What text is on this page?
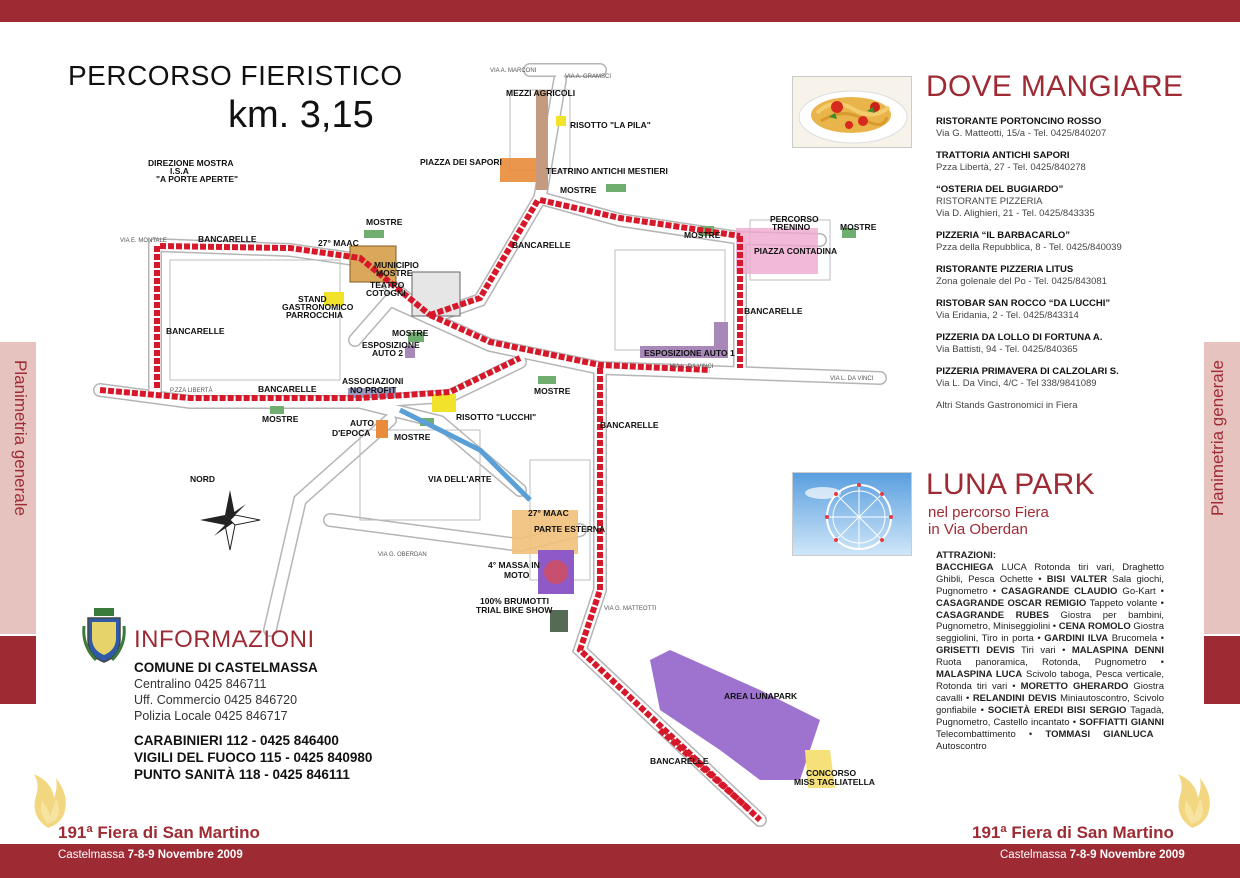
Planimetria generale	Planimetria generale
PERCORSO FIERISTICO
km. 3,15
NORD
MEZZI AGRICOLI
RISOTTO "LA PILA"
PIAZZA DEI SAPORI
TEATRINO ANTICHI MESTIERI
DIREZIONE MOSTRA
I.S.A
"A PORTE APERTE"
BANCARELLE
BANCARELLE
BANCARELLE
BANCARELLE
BANCARELLE
BANCARELLE
BANCARELLE
MOSTRE
MOSTRE
MOSTRE
MOSTRE
MOSTRE
MOSTRE
MOSTRE
MOSTRE
27° MAAC
MUNICIPIO
MOSTRE
STAND
GASTRONOMICO
PARROCCHIA
TEATRO
COTOGNI
ESPOSIZIONE
AUTO 2	ESPOSIZIONE AUTO 1
ASSOCIAZIONI
NO PROFIT
AUTO
D'EPOCA
RISOTTO "LUCCHI"
VIA DELL'ARTE
PIAZZA CONTADINA
PERCORSO
TRENINO
27° MAAC
PARTE ESTERNA
4° MASSA IN
MOTO
100% BRUMOTTI
TRIAL BIKE SHOW
AREA LUNAPARK
CONCORSO
MISS TAGLIATELLA
VIA A. MARCONI
VIA A. GRAMSCI
VIA E. MONTALE
P.ZZA LIBERTÀ
VIA L. DA VINCI
VIA L. DA VINCI
VIA G. OBERDAN
VIA G. MATTEOTTI
INFORMAZIONI
COMUNE DI CASTELMASSA
Centralino 0425 846711
Uff. Commercio 0425 846720
Polizia Locale 0425 846717
CARABINIERI 112 - 0425 846400
VIGILI DEL FUOCO 115 - 0425 840980
PUNTO SANITÀ 118 - 0425 846111
191ª Fiera di San Martino	191ª Fiera di San Martino
Castelmassa 7-8-9 Novembre 2009	Castelmassa 7-8-9 Novembre 2009
DOVE MANGIARE
RISTORANTE PORTONCINO ROSSO
Via G. Matteotti, 15/a - Tel. 0425/840207
TRATTORIA ANTICHI SAPORI
Pzza Libertà, 27 - Tel. 0425/840278
“OSTERIA DEL BUGIARDO”
RISTORANTE PIZZERIA
Via D. Alighieri, 21 - Tel. 0425/843335
PIZZERIA “IL BARBACARLO”
Pzza della Repubblica, 8 - Tel. 0425/840039
RISTORANTE PIZZERIA LITUS
Zona golenale del Po - Tel. 0425/843081
RISTOBAR SAN ROCCO “DA LUCCHI”
Via Eridania, 2 - Tel. 0425/843314
PIZZERIA DA LOLLO DI FORTUNA A.
Via Battisti, 94 - Tel. 0425/840365
PIZZERIA PRIMAVERA DI CALZOLARI S.
Via L. Da Vinci, 4/C - Tel 338/9841089
Altri Stands Gastronomici in Fiera
LUNA PARK
nel percorso Fiera
in Via Oberdan
ATTRAZIONI:
BACCHIEGA LUCA Rotonda tiri vari, Draghetto Ghibli, Pesca Ochette • BISI VALTER Sala giochi, Pugnometro • CASAGRANDE CLAUDIO Go-Kart • CASAGRANDE OSCAR REMIGIO Tappeto volante • CASAGRANDE RUBES Giostra per bambini, Pugnometro, Miniseggiolini • CENA ROMOLO Giostra seggiolini, Tiro in porta • GARDINI ILVA Brucomela • GRISETTI DEVIS Tiri vari • MALASPINA DENNI Ruota panoramica, Rotonda, Pugnometro • MALASPINA LUCA Scivolo taboga, Pesca verticale, Rotonda tiri vari • MORETTO GHERARDO Giostra cavalli • RELANDINI DEVIS Miniautoscontro, Scivolo gonfiabile • SOCIETÀ EREDI BISI SERGIO Tagadà, Pugnometro, Castello incantato • SOFFIATTI GIANNI Telecombattimento • TOMMASI GIANLUCA Autoscontro
